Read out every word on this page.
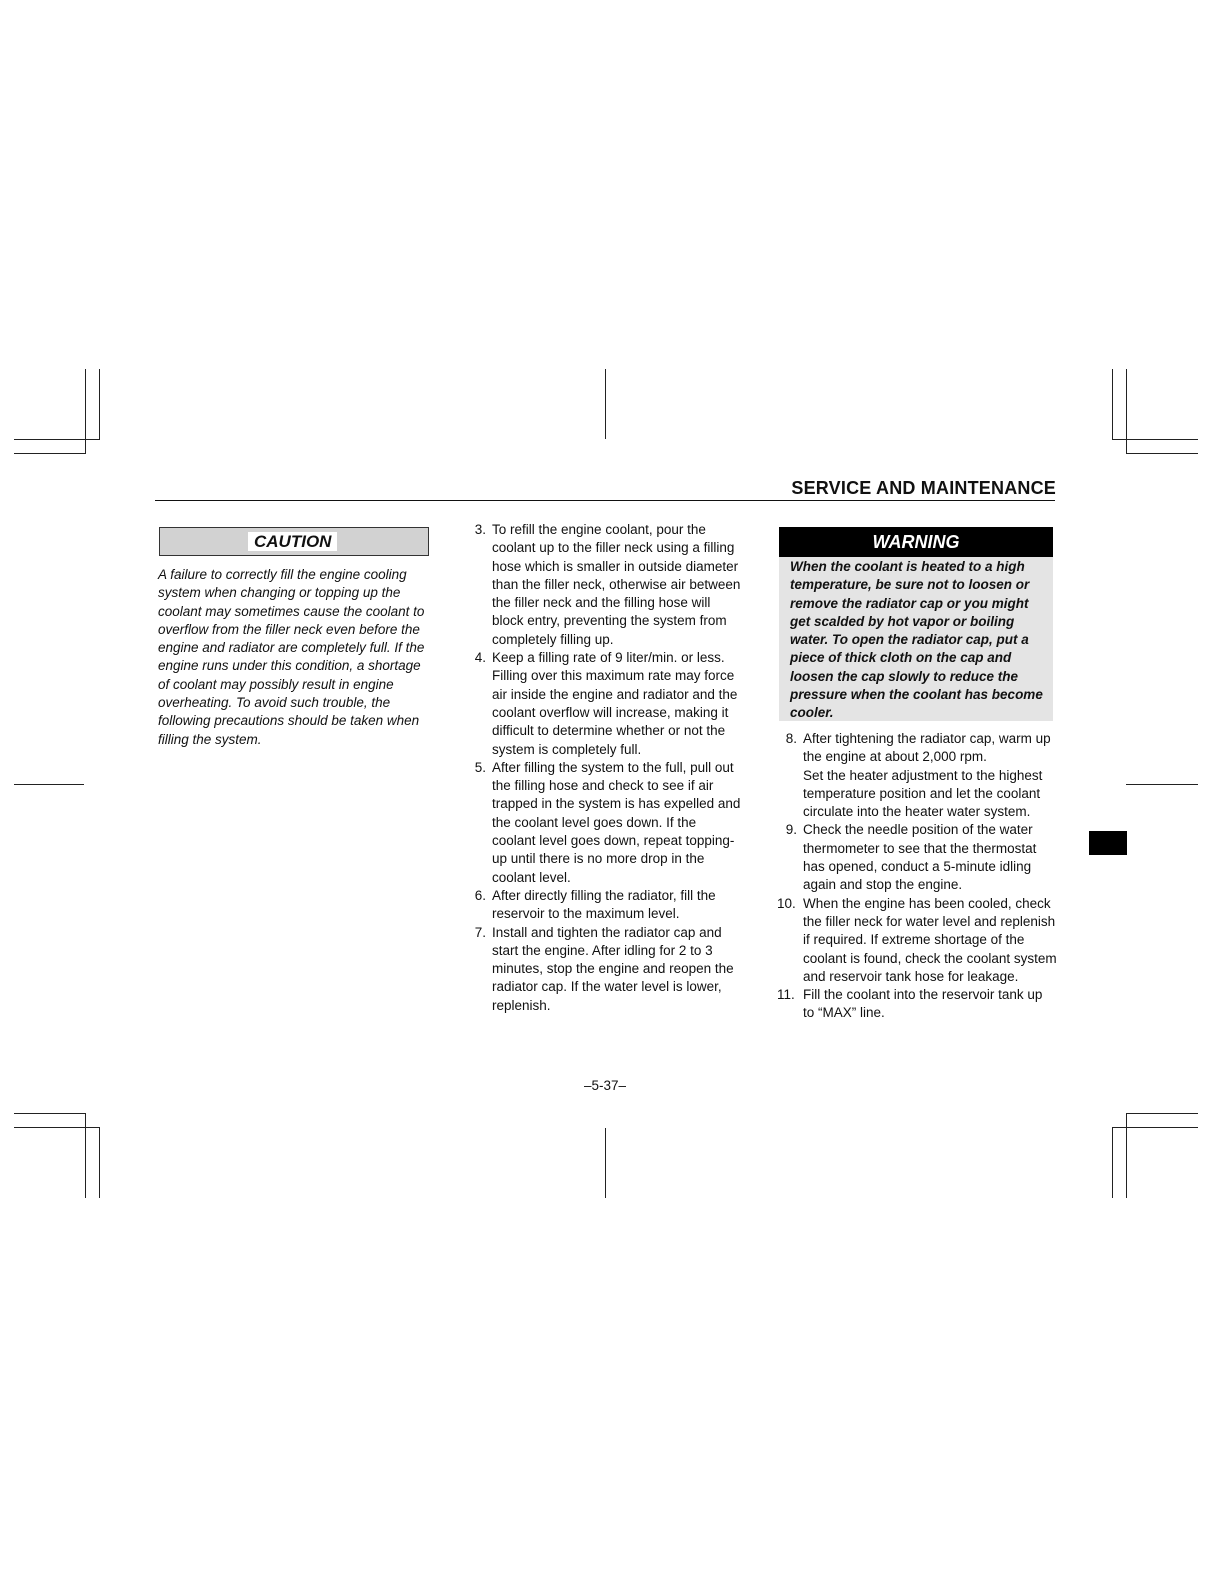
SERVICE AND MAINTENANCE
CAUTION

A failure to correctly fill the engine cooling system when changing or topping up the coolant may sometimes cause the coolant to overflow from the filler neck even before the engine and radiator are completely full. If the engine runs under this condition, a shortage of coolant may possibly result in engine overheating. To avoid such trouble, the following precautions should be taken when filling the system.

3. To refill the engine coolant, pour the coolant up to the filler neck using a filling hose which is smaller in outside diameter than the filler neck, otherwise air between the filler neck and the filling hose will block entry, preventing the system from completely filling up.
4. Keep a filling rate of 9 liter/min. or less. Filling over this maximum rate may force air inside the engine and radiator and the coolant overflow will increase, making it difficult to determine whether or not the system is completely full.
5. After filling the system to the full, pull out the filling hose and check to see if air trapped in the system is has expelled and the coolant level goes down. If the coolant level goes down, repeat topping-up until there is no more drop in the coolant level.
6. After directly filling the radiator, fill the reservoir to the maximum level.
7. Install and tighten the radiator cap and start the engine. After idling for 2 to 3 minutes, stop the engine and reopen the radiator cap. If the water level is lower, replenish.
WARNING

When the coolant is heated to a high temperature, be sure not to loosen or remove the radiator cap or you might get scalded by hot vapor or boiling water. To open the radiator cap, put a piece of thick cloth on the cap and loosen the cap slowly to reduce the pressure when the coolant has become cooler.

8. After tightening the radiator cap, warm up the engine at about 2,000 rpm.
Set the heater adjustment to the highest temperature position and let the coolant circulate into the heater water system.
9. Check the needle position of the water thermometer to see that the thermostat has opened, conduct a 5-minute idling again and stop the engine.
10. When the engine has been cooled, check the filler neck for water level and replenish if required. If extreme shortage of the coolant is found, check the coolant system and reservoir tank hose for leakage.
11. Fill the coolant into the reservoir tank up to “MAX” line.
–5-37–
